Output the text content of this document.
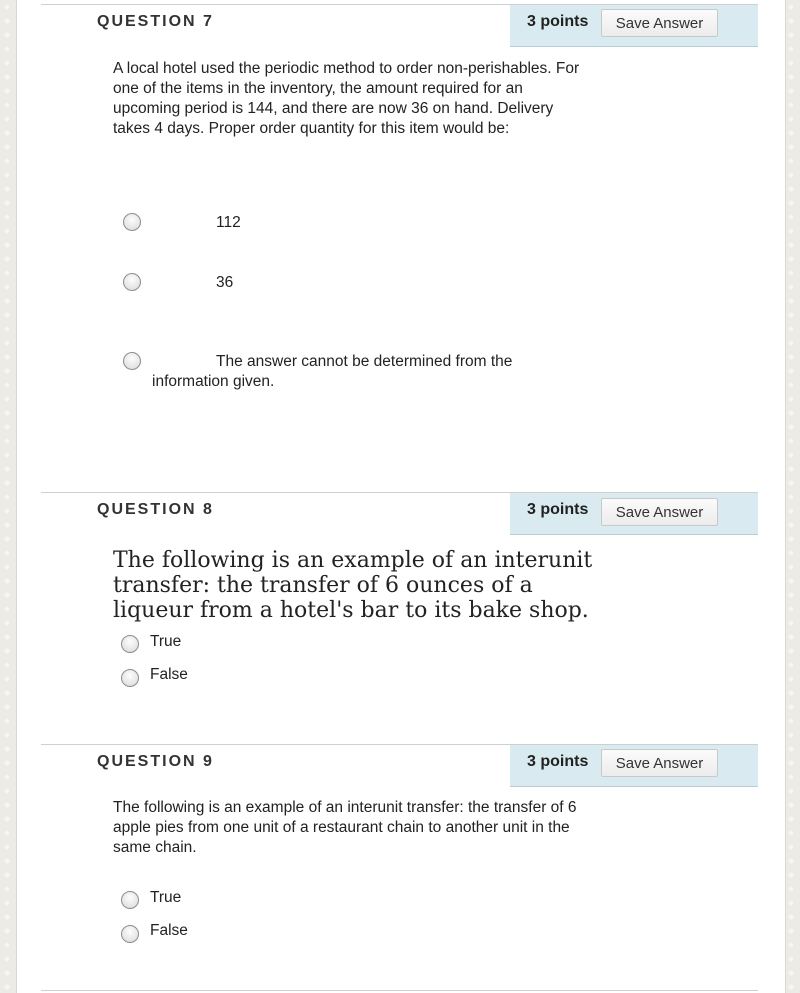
QUESTION 7	3 points	Save Answer
A local hotel used the periodic method to order non-perishables. For one of the items in the inventory, the amount required for an upcoming period is 144, and there are now 36 on hand. Delivery takes 4 days. Proper order quantity for this item would be:
112
36
The answer cannot be determined from the information given.
QUESTION 8	3 points	Save Answer
The following is an example of an interunit transfer: the transfer of 6 ounces of a liqueur from a hotel's bar to its bake shop.
True
False
QUESTION 9	3 points	Save Answer
The following is an example of an interunit transfer: the transfer of 6 apple pies from one unit of a restaurant chain to another unit in the same chain.
True
False
